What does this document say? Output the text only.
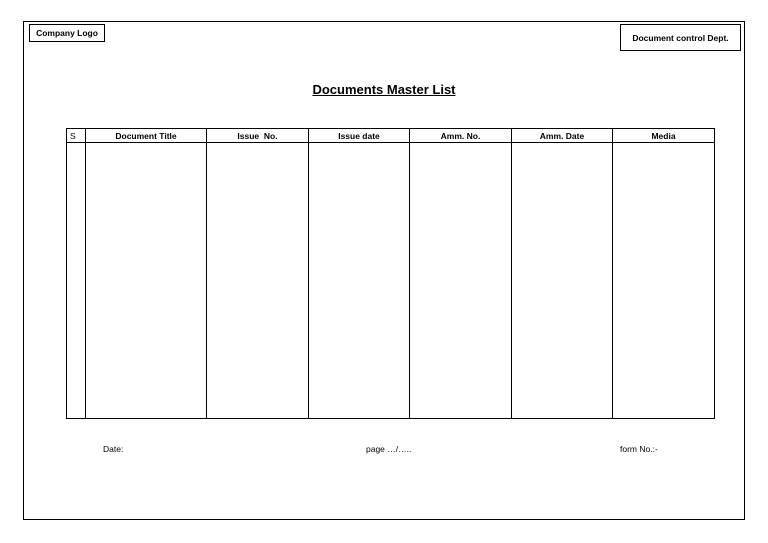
Company Logo	Document control Dept.
Documents Master List
S	Document Title	Issue  No.	Issue date	Amm. No.	Amm. Date	Media

Date:	page …/…..	form No.:-
